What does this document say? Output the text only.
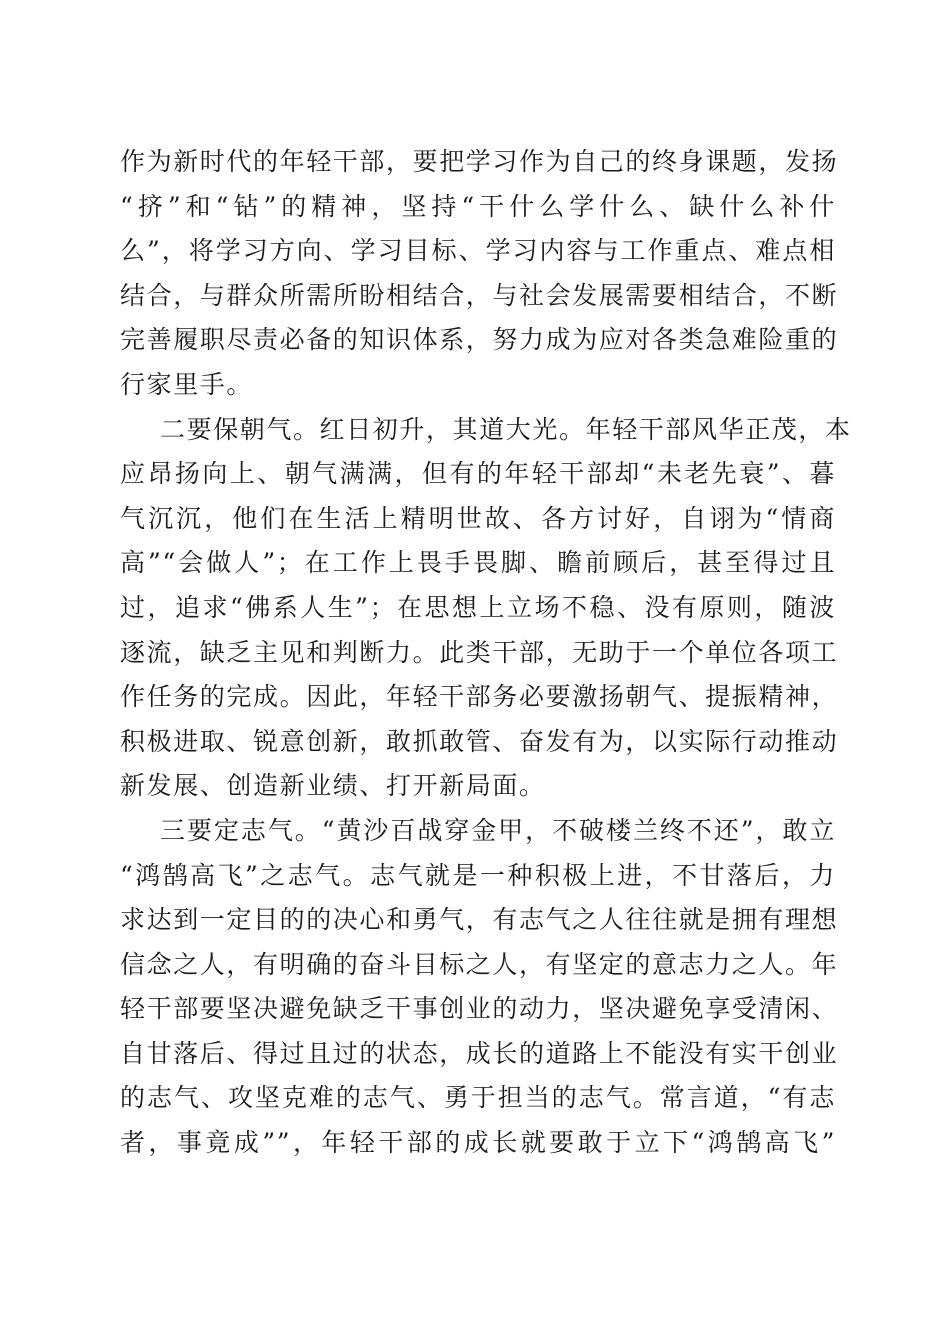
作为新时代的年轻干部，要把学习作为自己的终身课题，发扬
“挤”和“钻”的精神，坚持“干什么学什么、缺什么补什
么”，将学习方向、学习目标、学习内容与工作重点、难点相
结合，与群众所需所盼相结合，与社会发展需要相结合，不断
完善履职尽责必备的知识体系，努力成为应对各类急难险重的
行家里手。
二要保朝气。红日初升，其道大光。年轻干部风华正茂，本
应昂扬向上、朝气满满，但有的年轻干部却“未老先衰”、暮
气沉沉，他们在生活上精明世故、各方讨好，自诩为“情商
高”“会做人”；在工作上畏手畏脚、瞻前顾后，甚至得过且
过，追求“佛系人生”；在思想上立场不稳、没有原则，随波
逐流，缺乏主见和判断力。此类干部，无助于一个单位各项工
作任务的完成。因此，年轻干部务必要激扬朝气、提振精神，
积极进取、锐意创新，敢抓敢管、奋发有为，以实际行动推动
新发展、创造新业绩、打开新局面。
三要定志气。“黄沙百战穿金甲，不破楼兰终不还”，敢立
“鸿鹄高飞”之志气。志气就是一种积极上进，不甘落后，力
求达到一定目的的决心和勇气，有志气之人往往就是拥有理想
信念之人，有明确的奋斗目标之人，有坚定的意志力之人。年
轻干部要坚决避免缺乏干事创业的动力，坚决避免享受清闲、
自甘落后、得过且过的状态，成长的道路上不能没有实干创业
的志气、攻坚克难的志气、勇于担当的志气。常言道，“有志
者，事竟成””，年轻干部的成长就要敢于立下“鸿鹄高飞”
